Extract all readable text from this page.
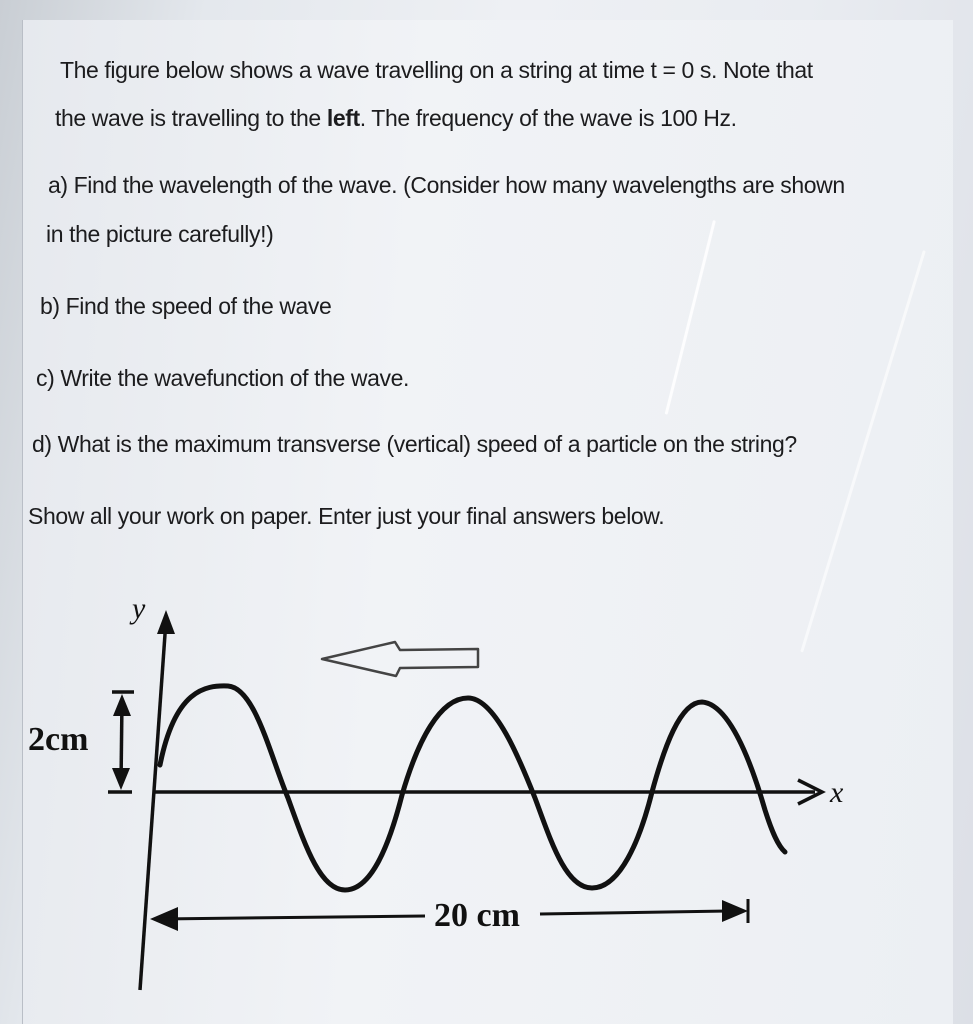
The figure below shows a wave travelling on a string at time t = 0 s. Note that
the wave is travelling to the left. The frequency of the wave is 100 Hz.
a) Find the wavelength of the wave. (Consider how many wavelengths are shown
in the picture carefully!)
b) Find the speed of the wave
c) Write the wavefunction of the wave.
d) What is the maximum transverse (vertical) speed of a particle on the string?
Show all your work on paper. Enter just your final answers below.
y
x
2cm
20 cm
